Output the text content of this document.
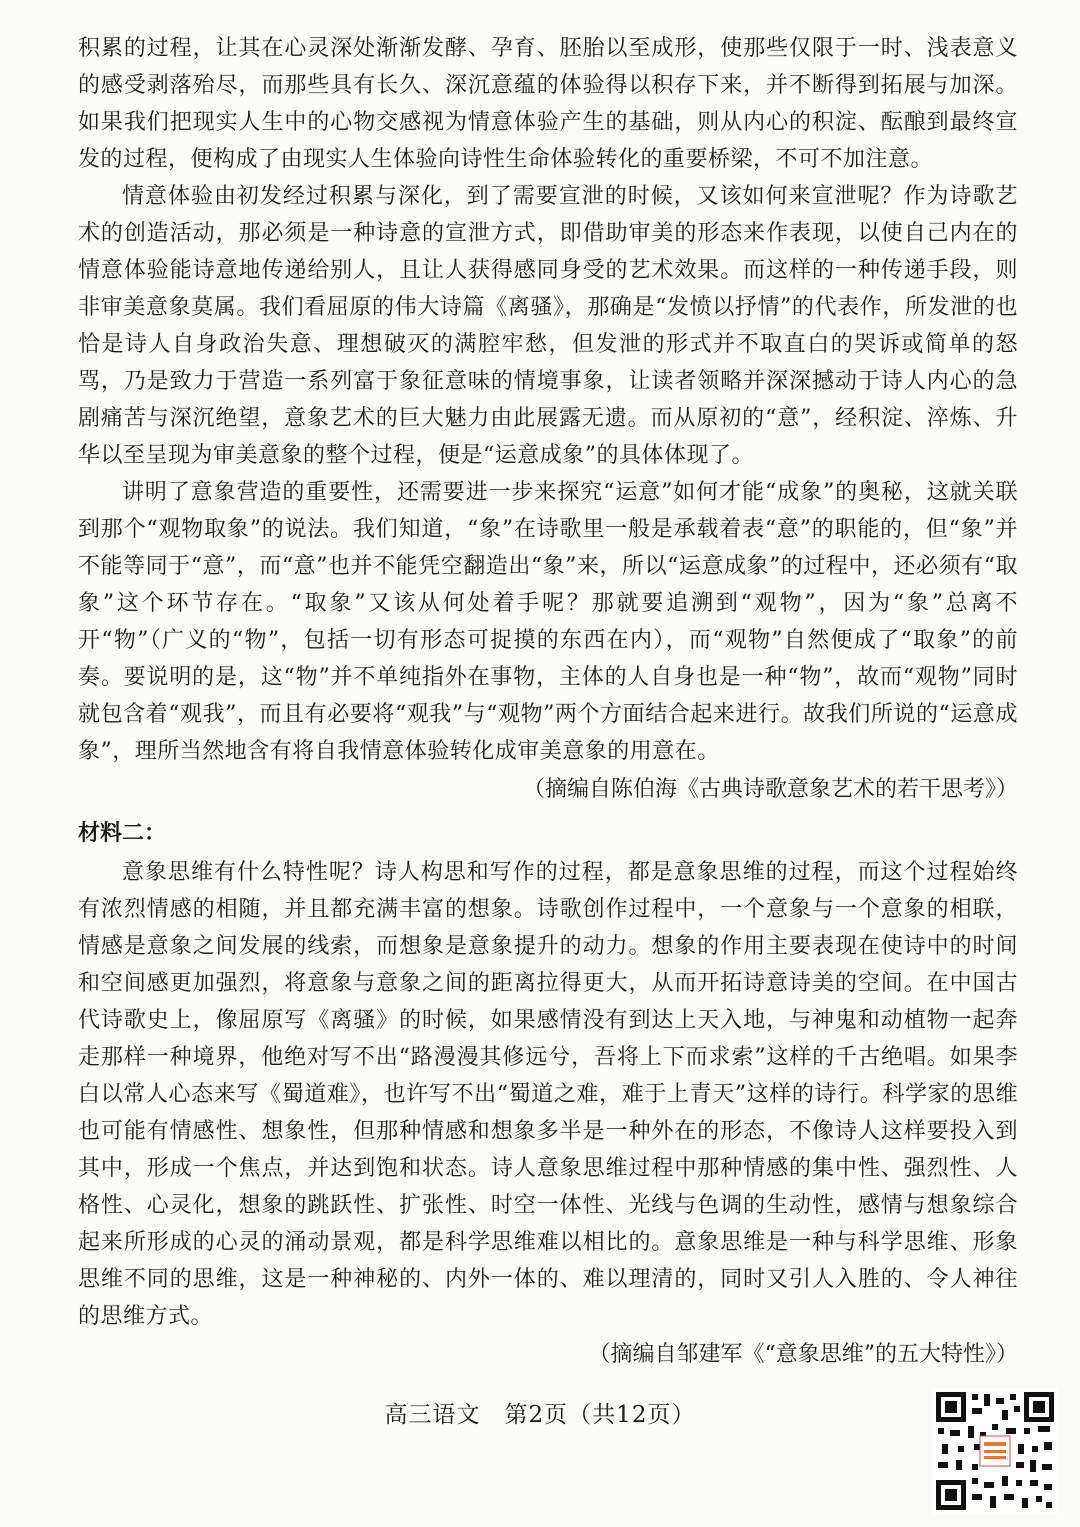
积累的过程，让其在心灵深处渐渐发酵、孕育、胚胎以至成形，使那些仅限于一时、浅表意义的感受剥落殆尽，而那些具有长久、深沉意蕴的体验得以积存下来，并不断得到拓展与加深。如果我们把现实人生中的心物交感视为情意体验产生的基础，则从内心的积淀、酝酿到最终宣发的过程，便构成了由现实人生体验向诗性生命体验转化的重要桥梁，不可不加注意。

情意体验由初发经过积累与深化，到了需要宣泄的时候，又该如何来宣泄呢？作为诗歌艺术的创造活动，那必须是一种诗意的宣泄方式，即借助审美的形态来作表现，以使自己内在的情意体验能诗意地传递给别人，且让人获得感同身受的艺术效果。而这样的一种传递手段，则非审美意象莫属。我们看屈原的伟大诗篇《离骚》，那确是“发愤以抒情”的代表作，所发泄的也恰是诗人自身政治失意、理想破灭的满腔牢愁，但发泄的形式并不取直白的哭诉或简单的怒骂，乃是致力于营造一系列富于象征意味的情境事象，让读者领略并深深撼动于诗人内心的急剧痛苦与深沉绝望，意象艺术的巨大魅力由此展露无遗。而从原初的“意”，经积淀、淬炼、升华以至呈现为审美意象的整个过程，便是“运意成象”的具体体现了。

讲明了意象营造的重要性，还需要进一步来探究“运意”如何才能“成象”的奥秘，这就关联到那个“观物取象”的说法。我们知道，“象”在诗歌里一般是承载着表“意”的职能的，但“象”并不能等同于“意”，而“意”也并不能凭空翻造出“象”来，所以“运意成象”的过程中，还必须有“取象”这个环节存在。“取象”又该从何处着手呢？那就要追溯到“观物”，因为“象”总离不开“物”（广义的“物”，包括一切有形态可捉摸的东西在内），而“观物”自然便成了“取象”的前奏。要说明的是，这“物”并不单纯指外在事物，主体的人自身也是一种“物”，故而“观物”同时就包含着“观我”，而且有必要将“观我”与“观物”两个方面结合起来进行。故我们所说的“运意成象”，理所当然地含有将自我情意体验转化成审美意象的用意在。

（摘编自陈伯海《古典诗歌意象艺术的若干思考》）

材料二：

意象思维有什么特性呢？诗人构思和写作的过程，都是意象思维的过程，而这个过程始终有浓烈情感的相随，并且都充满丰富的想象。诗歌创作过程中，一个意象与一个意象的相联，情感是意象之间发展的线索，而想象是意象提升的动力。想象的作用主要表现在使诗中的时间和空间感更加强烈，将意象与意象之间的距离拉得更大，从而开拓诗意诗美的空间。在中国古代诗歌史上，像屈原写《离骚》的时候，如果感情没有到达上天入地，与神鬼和动植物一起奔走那样一种境界，他绝对写不出“路漫漫其修远兮，吾将上下而求索”这样的千古绝唱。如果李白以常人心态来写《蜀道难》，也许写不出“蜀道之难，难于上青天”这样的诗行。科学家的思维也可能有情感性、想象性，但那种情感和想象多半是一种外在的形态，不像诗人这样要投入到其中，形成一个焦点，并达到饱和状态。诗人意象思维过程中那种情感的集中性、强烈性、人格性、心灵化，想象的跳跃性、扩张性、时空一体性、光线与色调的生动性，感情与想象综合起来所形成的心灵的涌动景观，都是科学思维难以相比的。意象思维是一种与科学思维、形象思维不同的思维，这是一种神秘的、内外一体的、难以理清的，同时又引人入胜的、令人神往的思维方式。

（摘编自邹建军《“意象思维”的五大特性》）

高三语文　第2页（共12页）
